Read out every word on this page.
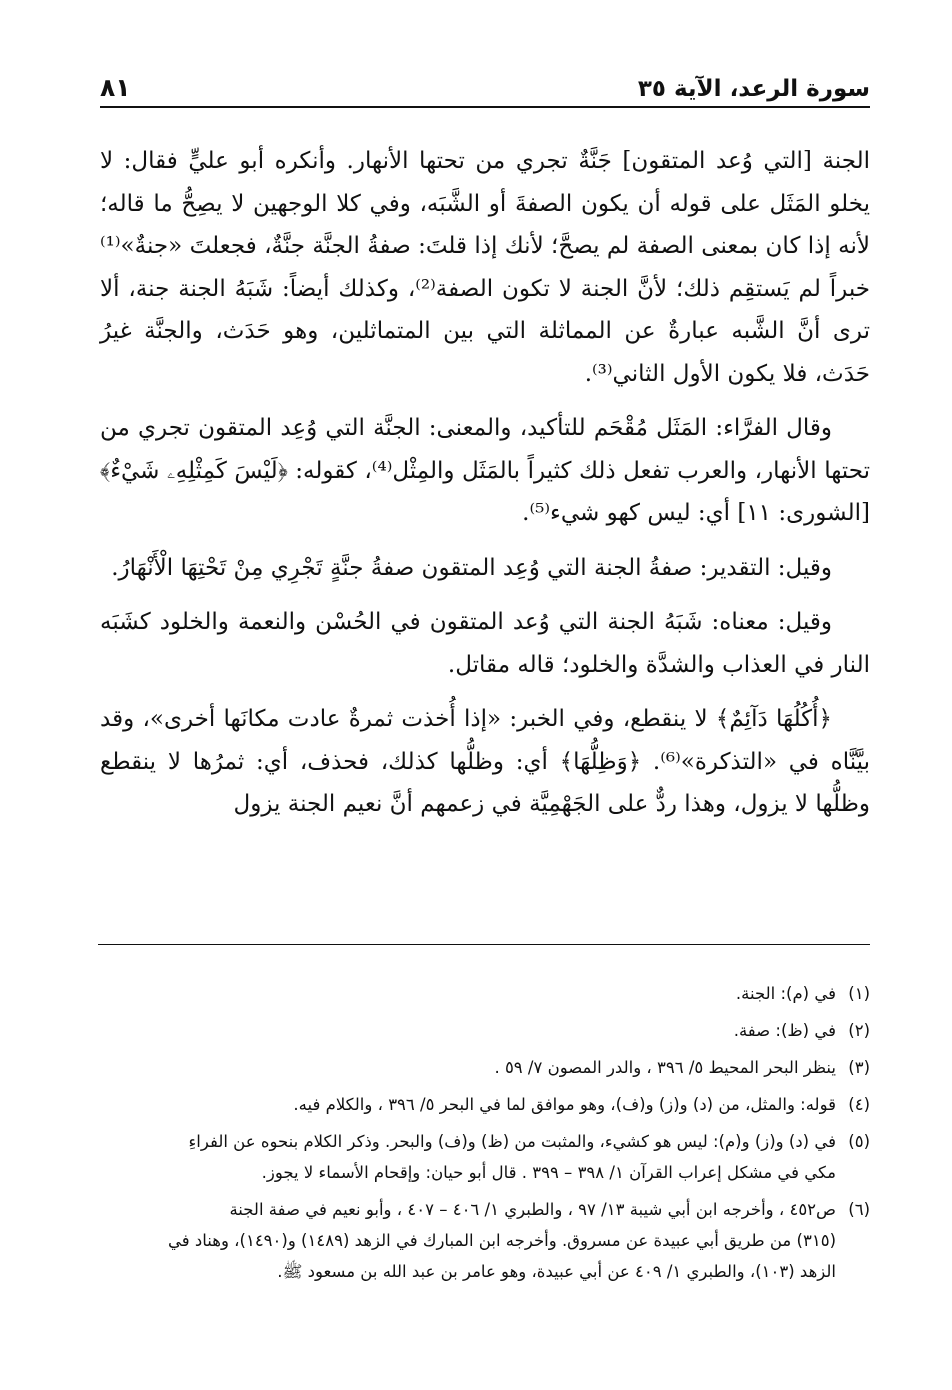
سورة الرعد، الآية ٣٥
٨١

الجنة [التي وُعد المتقون] جَنَّةٌ تجري من تحتها الأنهار. وأنكره أبو عليٍّ فقال: لا يخلو المَثَل على قوله أن يكون الصفةَ أو الشَّبَه، وفي كلا الوجهين لا يصِحُّ ما قاله؛ لأنه إذا كان بمعنى الصفة لم يصحَّ؛ لأنك إذا قلتَ: صفةُ الجنَّة جنَّةٌ، فجعلتَ «جنةٌ»⁽¹⁾ خبراً لم يَستقِم ذلك؛ لأنَّ الجنة لا تكون الصفة⁽²⁾، وكذلك أيضاً: شَبَهُ الجنة جنة، ألا ترى أنَّ الشَّبه عبارةٌ عن المماثلة التي بين المتماثلين، وهو حَدَث، والجنَّة غيرُ حَدَث، فلا يكون الأول الثاني⁽³⁾.

وقال الفرَّاء: المَثَل مُقْحَم للتأكيد، والمعنى: الجنَّة التي وُعِد المتقون تجري من تحتها الأنهار، والعرب تفعل ذلك كثيراً بالمَثَل والمِثْل⁽⁴⁾، كقوله: ﴿لَيْسَ كَمِثْلِهِۦ شَيْءٌ﴾ [الشورى: ١١] أي: ليس كهو شيء⁽⁵⁾.

وقيل: التقدير: صفةُ الجنة التي وُعِد المتقون صفةُ جنَّةٍ تَجْرِي مِنْ تَحْتِهَا الْأَنْهَارُ.

وقيل: معناه: شَبَهُ الجنة التي وُعد المتقون في الحُسْن والنعمة والخلود كشَبَه النار في العذاب والشدَّة والخلود؛ قاله مقاتل.

﴿أُكُلُهَا دَآئِمٌ﴾ لا ينقطع، وفي الخبر: «إذا أُخذت ثمرةٌ عادت مكانَها أخرى»، وقد بيَّنَّاه في «التذكرة»⁽⁶⁾. ﴿وَظِلُّهَا﴾ أي: وظلُّها كذلك، فحذف، أي: ثمرُها لا ينقطع وظلُّها لا يزول، وهذا ردٌّ على الجَهْمِيَّة في زعمهم أنَّ نعيم الجنة يزول

(١)في (م): الجنة.
(٢)في (ظ): صفة.
(٣)ينظر البحر المحيط ٥/ ٣٩٦ ، والدر المصون ٧/ ٥٩ .
(٤)قوله: والمثل، من (د) و(ز) و(ف)، وهو موافق لما في البحر ٥/ ٣٩٦ ، والكلام فيه.
(٥)في (د) و(ز) و(م): ليس هو كشيء، والمثبت من (ظ) و(ف) والبحر. وذكر الكلام بنحوه عن الفراءِ
مكي في مشكل إعراب القرآن ١/ ٣٩٨ – ٣٩٩ . قال أبو حيان: وإقحام الأسماء لا يجوز.
(٦)ص٤٥٢ ، وأخرجه ابن أبي شيبة ١٣/ ٩٧ ، والطبري ١/ ٤٠٦ – ٤٠٧ ، وأبو نعيم في صفة الجنة
(٣١٥) من طريق أبي عبيدة عن مسروق. وأخرجه ابن المبارك في الزهد (١٤٨٩) و(١٤٩٠)، وهناد في
الزهد (١٠٣)، والطبري ١/ ٤٠٩ عن أبي عبيدة، وهو عامر بن عبد الله بن مسعود ﷺ.
